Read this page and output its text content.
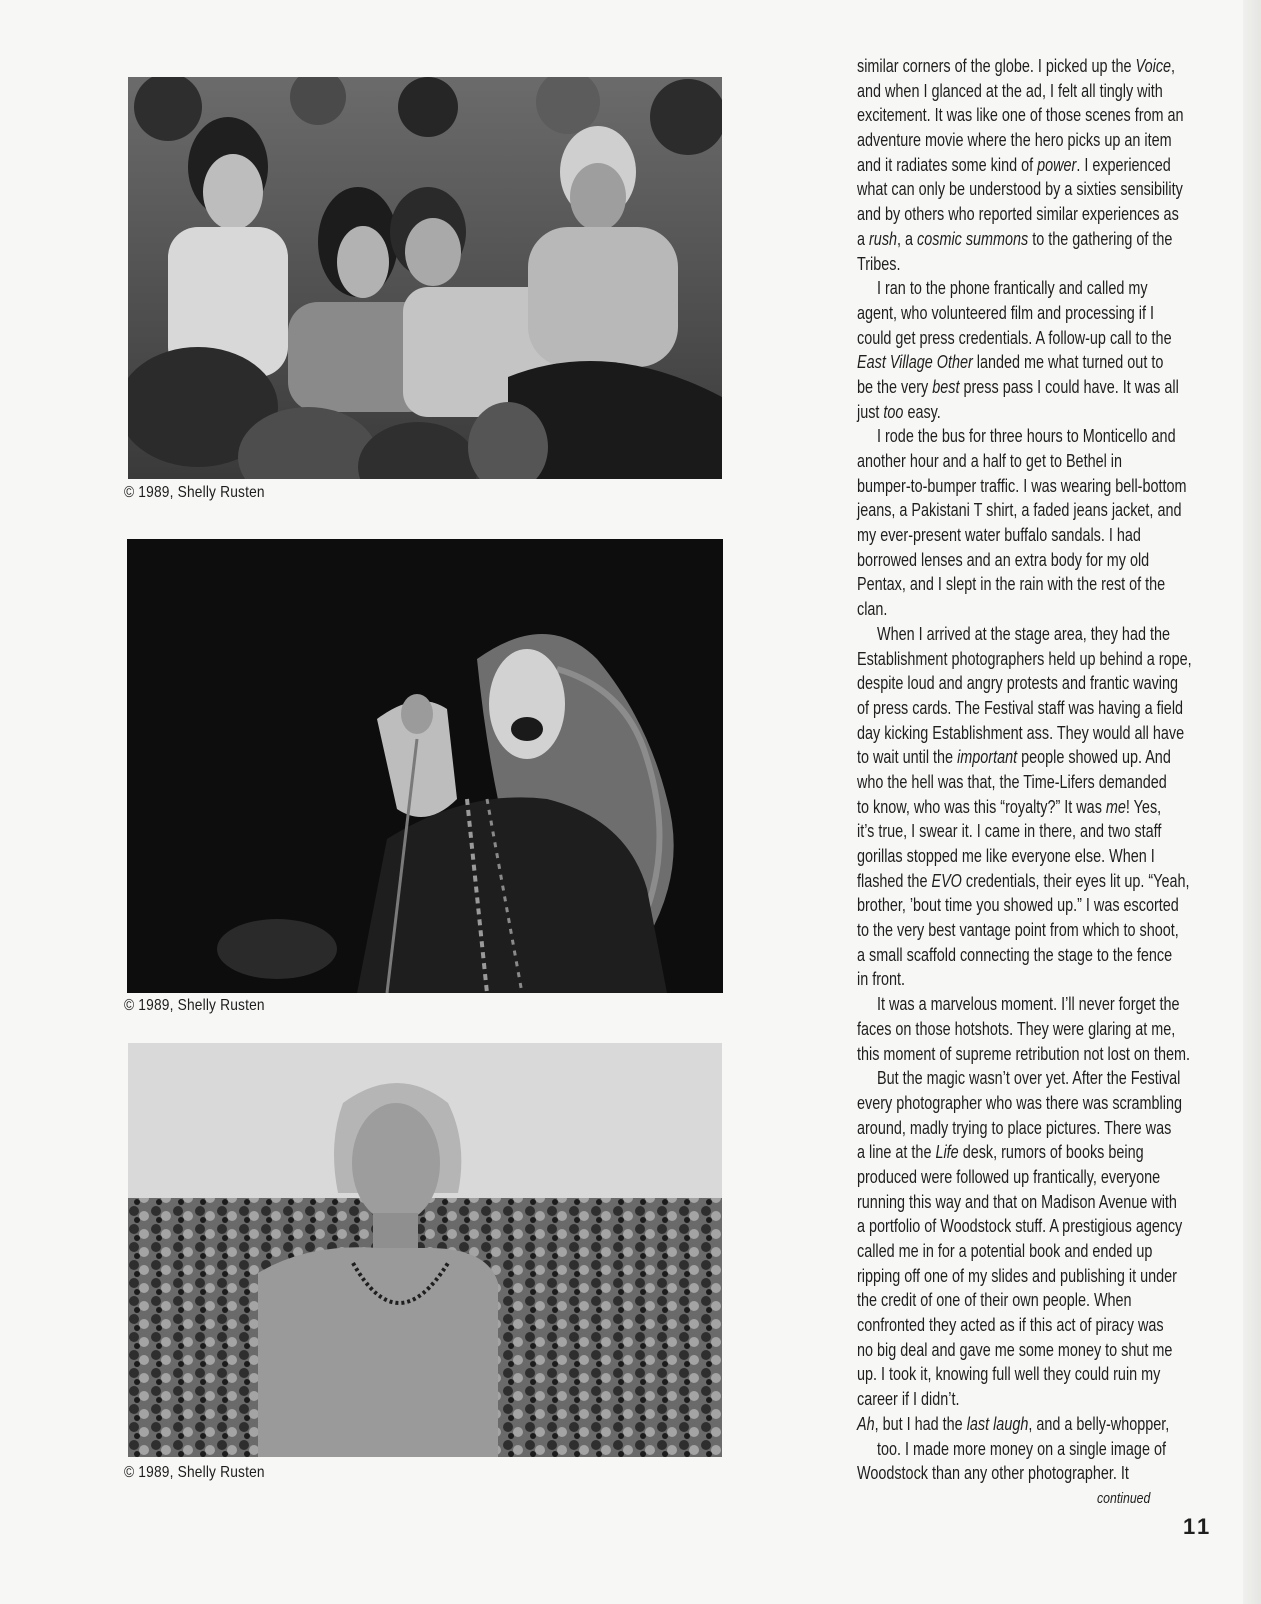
© 1989, Shelly Rusten
© 1989, Shelly Rusten
© 1989, Shelly Rusten
similar corners of the globe. I picked up the Voice,
and when I glanced at the ad, I felt all tingly with
excitement. It was like one of those scenes from an
adventure movie where the hero picks up an item
and it radiates some kind of power. I experienced
what can only be understood by a sixties sensibility
and by others who reported similar experiences as
a rush, a cosmic summons to the gathering of the
Tribes.
I ran to the phone frantically and called my
agent, who volunteered film and processing if I
could get press credentials. A follow-up call to the
East Village Other landed me what turned out to
be the very best press pass I could have. It was all
just too easy.
I rode the bus for three hours to Monticello and
another hour and a half to get to Bethel in
bumper-to-bumper traffic. I was wearing bell-bottom
jeans, a Pakistani T shirt, a faded jeans jacket, and
my ever-present water buffalo sandals. I had
borrowed lenses and an extra body for my old
Pentax, and I slept in the rain with the rest of the
clan.
When I arrived at the stage area, they had the
Establishment photographers held up behind a rope,
despite loud and angry protests and frantic waving
of press cards. The Festival staff was having a field
day kicking Establishment ass. They would all have
to wait until the important people showed up. And
who the hell was that, the Time-Lifers demanded
to know, who was this “royalty?” It was me! Yes,
it’s true, I swear it. I came in there, and two staff
gorillas stopped me like everyone else. When I
flashed the EVO credentials, their eyes lit up. “Yeah,
brother, ’bout time you showed up.” I was escorted
to the very best vantage point from which to shoot,
a small scaffold connecting the stage to the fence
in front.
It was a marvelous moment. I’ll never forget the
faces on those hotshots. They were glaring at me,
this moment of supreme retribution not lost on them.
But the magic wasn’t over yet. After the Festival
every photographer who was there was scrambling
around, madly trying to place pictures. There was
a line at the Life desk, rumors of books being
produced were followed up frantically, everyone
running this way and that on Madison Avenue with
a portfolio of Woodstock stuff. A prestigious agency
called me in for a potential book and ended up
ripping off one of my slides and publishing it under
the credit of one of their own people. When
confronted they acted as if this act of piracy was
no big deal and gave me some money to shut me
up. I took it, knowing full well they could ruin my
career if I didn’t.
Ah, but I had the last laugh, and a belly-whopper,
too. I made more money on a single image of
Woodstock than any other photographer. It
continued
11
